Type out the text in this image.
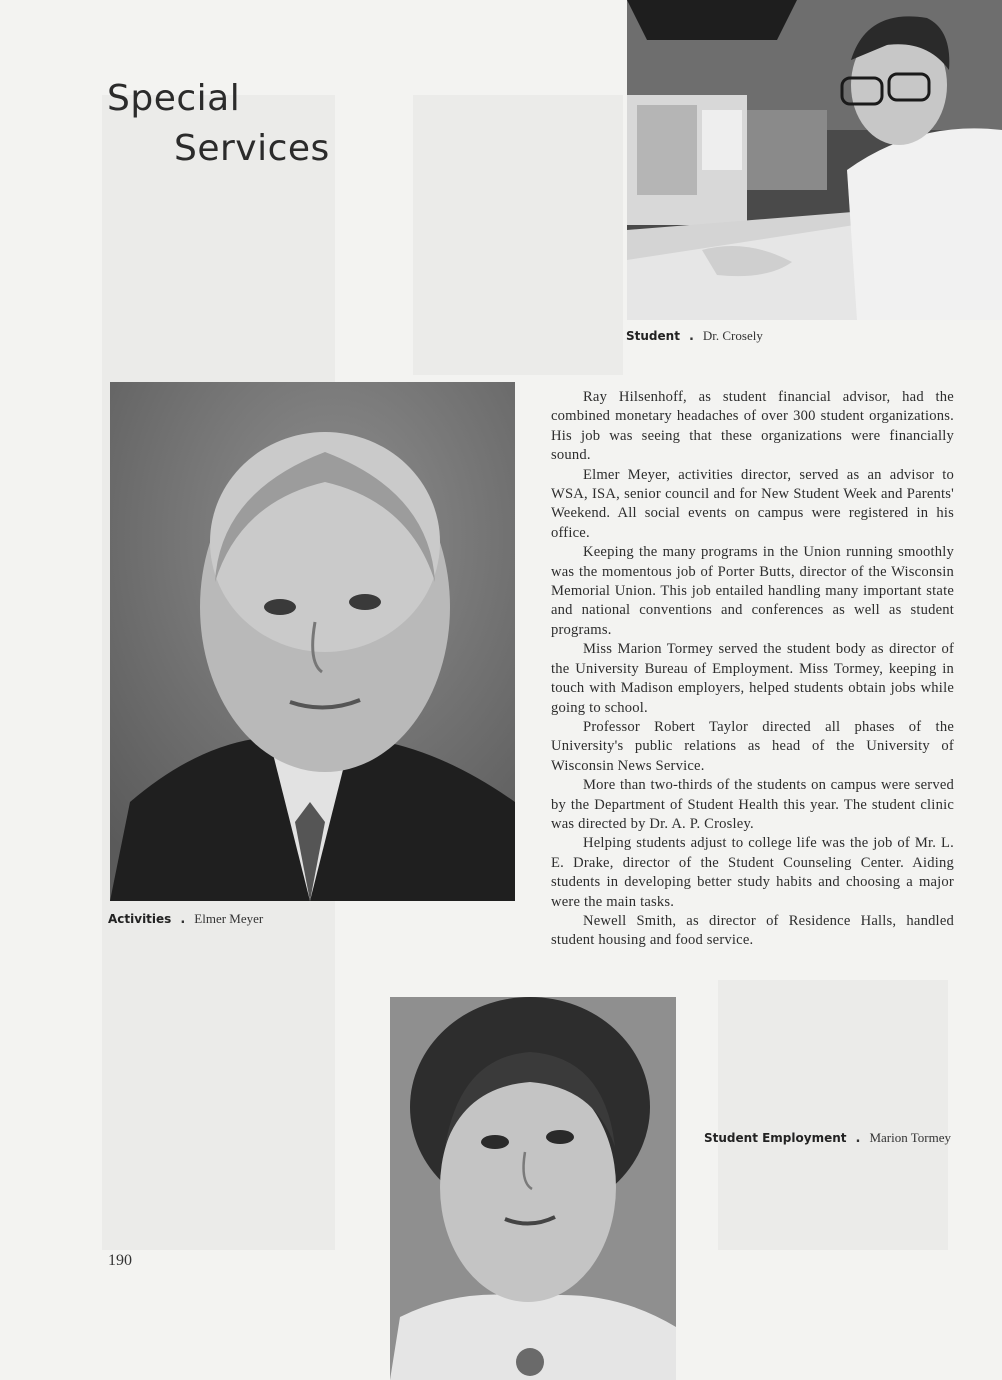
Special
Services
Student . Dr. Crosely
Activities . Elmer Meyer

Ray Hilsenhoff, as student financial advisor, had the combined monetary headaches of over 300 student organizations. His job was seeing that these organizations were financially sound.

Elmer Meyer, activities director, served as an advisor to WSA, ISA, senior council and for New Student Week and Parents' Weekend. All social events on campus were registered in his office.

Keeping the many programs in the Union running smoothly was the momentous job of Porter Butts, director of the Wisconsin Memorial Union. This job entailed handling many important state and national conventions and conferences as well as student programs.

Miss Marion Tormey served the student body as director of the University Bureau of Employment. Miss Tormey, keeping in touch with Madison employers, helped students obtain jobs while going to school.

Professor Robert Taylor directed all phases of the University's public relations as head of the University of Wisconsin News Service.

More than two-thirds of the students on campus were served by the Department of Student Health this year. The student clinic was directed by Dr. A. P. Crosley.

Helping students adjust to college life was the job of Mr. L. E. Drake, director of the Student Counseling Center. Aiding students in developing better study habits and choosing a major were the main tasks.

Newell Smith, as director of Residence Halls, handled student housing and food service.

Student Employment . Marion Tormey
190
